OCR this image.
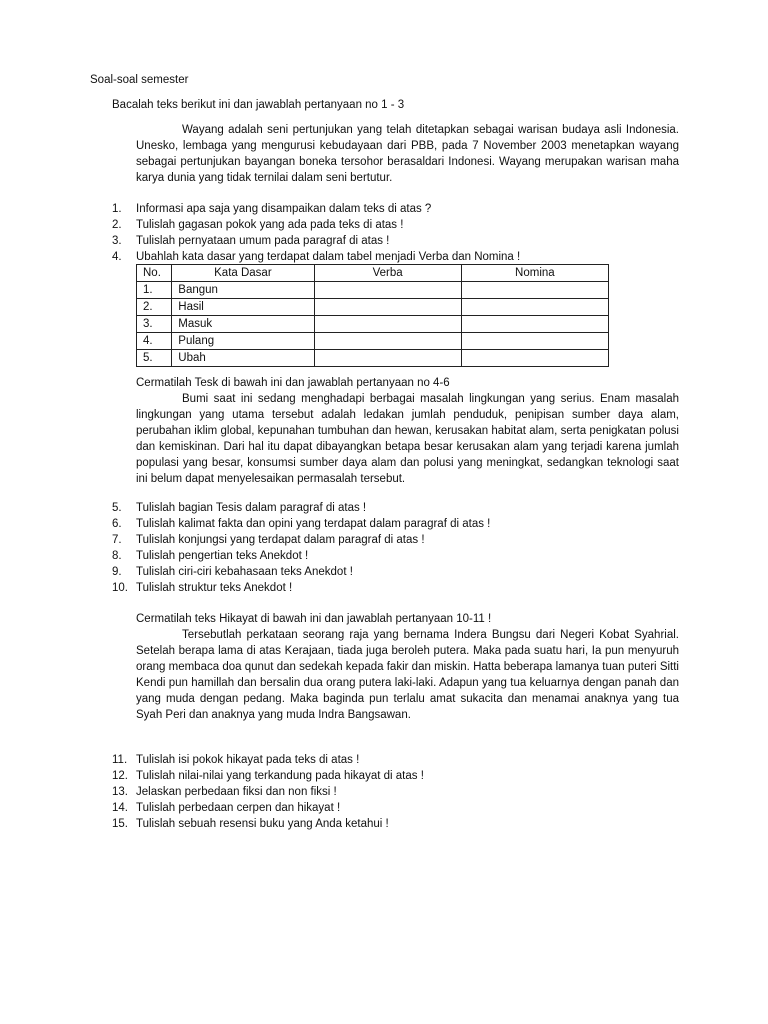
Soal-soal semester
Bacalah teks berikut ini dan jawablah pertanyaan no 1 - 3

Wayang adalah seni pertunjukan yang telah ditetapkan sebagai warisan budaya asli Indonesia. Unesko, lembaga yang mengurusi kebudayaan dari PBB, pada 7 November 2003 menetapkan wayang sebagai pertunjukan bayangan boneka tersohor berasaldari Indonesi. Wayang merupakan warisan maha karya dunia yang tidak ternilai dalam seni bertutur.

1.	Informasi apa saja yang disampaikan dalam teks di atas ?
2.	Tulislah gagasan pokok yang ada pada teks di atas !
3.	Tulislah pernyataan umum pada paragraf di atas !
4.	Ubahlah kata dasar yang terdapat dalam tabel menjadi Verba dan Nomina !
No.	Kata Dasar	Verba	Nomina
1.	Bangun		
2.	Hasil		
3.	Masuk		
4.	Pulang		
5.	Ubah		
Cermatilah Tesk di bawah ini dan jawablah pertanyaan no 4-6

Bumi saat ini sedang menghadapi berbagai masalah lingkungan yang serius. Enam masalah lingkungan yang utama tersebut adalah ledakan jumlah penduduk, penipisan sumber daya alam, perubahan iklim global, kepunahan tumbuhan dan hewan, kerusakan habitat alam, serta penigkatan polusi dan kemiskinan. Dari hal itu dapat dibayangkan betapa besar kerusakan alam yang terjadi karena jumlah populasi yang besar, konsumsi sumber daya alam dan polusi yang meningkat, sedangkan teknologi saat ini belum dapat menyelesaikan permasalah tersebut.

5.	Tulislah bagian Tesis dalam paragraf di atas !
6.	Tulislah kalimat fakta dan opini yang terdapat dalam paragraf di atas !
7.	Tulislah konjungsi yang terdapat dalam paragraf di atas !
8.	Tulislah pengertian teks Anekdot !
9.	Tulislah ciri-ciri kebahasaan teks Anekdot !
10. Tulislah struktur teks Anekdot !
Cermatilah teks Hikayat di bawah ini dan jawablah pertanyaan 10-11 !

Tersebutlah perkataan seorang raja yang bernama Indera Bungsu dari Negeri Kobat Syahrial. Setelah berapa lama di atas Kerajaan, tiada juga beroleh putera. Maka pada suatu hari, Ia pun menyuruh orang membaca doa qunut dan sedekah kepada fakir dan miskin. Hatta beberapa lamanya tuan puteri Sitti Kendi pun hamillah dan bersalin dua orang putera laki-laki. Adapun yang tua keluarnya dengan panah dan yang muda dengan pedang. Maka baginda pun terlalu amat sukacita dan menamai anaknya yang tua Syah Peri dan anaknya yang muda Indra Bangsawan.

11. Tulislah isi pokok hikayat pada teks di atas !
12. Tulislah nilai-nilai yang terkandung pada hikayat di atas !
13. Jelaskan perbedaan fiksi dan non fiksi !
14. Tulislah perbedaan cerpen dan hikayat !
15. Tulislah sebuah resensi buku yang Anda ketahui !
